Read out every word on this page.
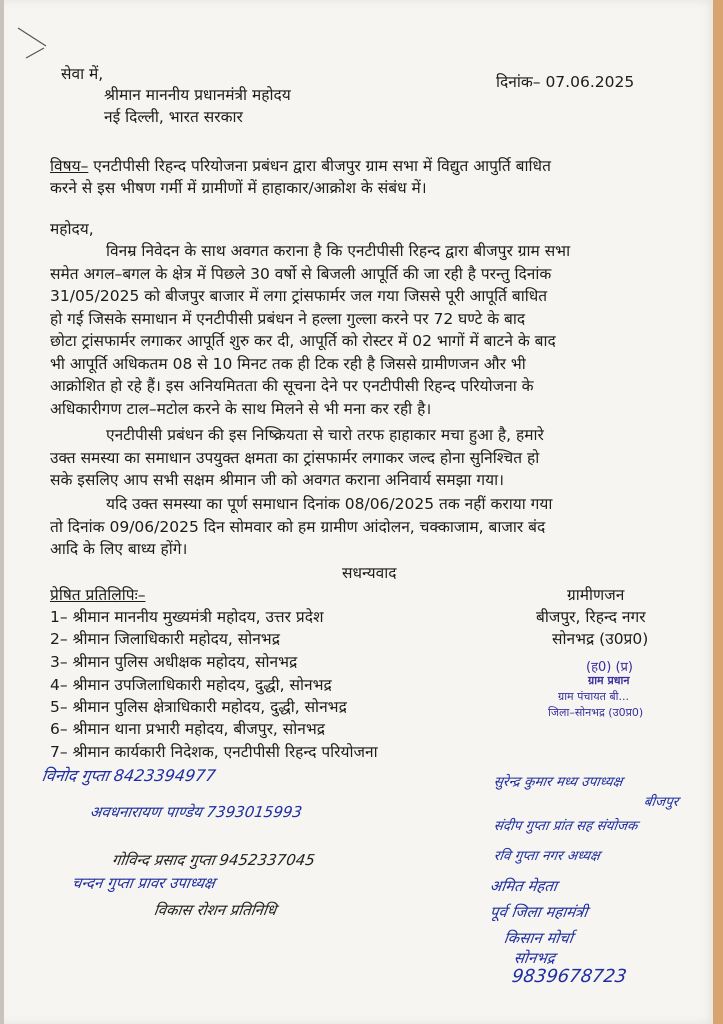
सेवा में,
श्रीमान माननीय प्रधानमंत्री महोदय
नई दिल्ली, भारत सरकार
दिनांक– 07.06.2025
विषय– एनटीपीसी रिहन्द परियोजना प्रबंधन द्वारा बीजपुर ग्राम सभा में विद्युत आपुर्ति बाधित
करने से इस भीषण गर्मी में ग्रामीणों में हाहाकार/आक्रोश के संबंध में।
महोदय,
विनम्र निवेदन के साथ अवगत कराना है कि एनटीपीसी रिहन्द द्वारा बीजपुर ग्राम सभा
समेत अगल–बगल के क्षेत्र में पिछले 30 वर्षो से बिजली आपूर्ति की जा रही है परन्तु दिनांक
31/05/2025 को बीजपुर बाजार में लगा ट्रांसफार्मर जल गया जिससे पूरी आपूर्ति बाधित
हो गई जिसके समाधान में एनटीपीसी प्रबंधन ने हल्ला गुल्ला करने पर 72 घण्टे के बाद
छोटा ट्रांसफार्मर लगाकर आपूर्ति शुरु कर दी, आपूर्ति को रोस्टर में 02 भागों में बाटने के बाद
भी आपूर्ति अधिकतम 08 से 10 मिनट तक ही टिक रही है जिससे ग्रामीणजन और भी
आक्रोशित हो रहे हैं। इस अनियमितता की सूचना देने पर एनटीपीसी रिहन्द परियोजना के
अधिकारीगण टाल–मटोल करने के साथ मिलने से भी मना कर रही है।
एनटीपीसी प्रबंधन की इस निष्क्रियता से चारो तरफ हाहाकार मचा हुआ है, हमारे
उक्त समस्या का समाधान उपयुक्त क्षमता का ट्रांसफार्मर लगाकर जल्द होना सुनिश्चित हो
सके इसलिए आप सभी सक्षम श्रीमान जी को अवगत कराना अनिवार्य समझा गया।
यदि उक्त समस्या का पूर्ण समाधान दिनांक 08/06/2025 तक नहीं कराया गया
तो दिनांक 09/06/2025 दिन सोमवार को हम ग्रामीण आंदोलन, चक्काजाम, बाजार बंद
आदि के लिए बाध्य होंगे।
सधन्यवाद
प्रेषित प्रतिलिपिः–
1– श्रीमान माननीय मुख्यमंत्री महोदय, उत्तर प्रदेश
2– श्रीमान जिलाधिकारी महोदय, सोनभद्र
3– श्रीमान पुलिस अधीक्षक महोदय, सोनभद्र
4– श्रीमान उपजिलाधिकारी महोदय, दुद्धी, सोनभद्र
5– श्रीमान पुलिस क्षेत्राधिकारी महोदय, दुद्धी, सोनभद्र
6– श्रीमान थाना प्रभारी महोदय, बीजपुर, सोनभद्र
7– श्रीमान कार्यकारी निदेशक, एनटीपीसी रिहन्द परियोजना
ग्रामीणजन
बीजपुर, रिहन्द नगर
सोनभद्र (उ0प्र0)
(ह0) (प्र)
ग्राम प्रधान
ग्राम पंचायत बी...
जिला–सोनभद्र (उ0प्र0)
विनोद गुप्ता 8423394977
अवधनारायण पाण्डेय 7393015993
गोविन्द प्रसाद गुप्ता 9452337045
चन्दन गुप्ता प्रावर उपाध्यक्ष
विकास रोशन प्रतिनिधि
सुरेन्द्र कुमार मध्य उपाध्यक्ष
बीजपुर
संदीप गुप्ता प्रांत सह संयोजक
रवि गुप्ता नगर अध्यक्ष
अमित मेहता
पूर्व जिला महामंत्री
किसान मोर्चा
सोनभद्र
9839678723
